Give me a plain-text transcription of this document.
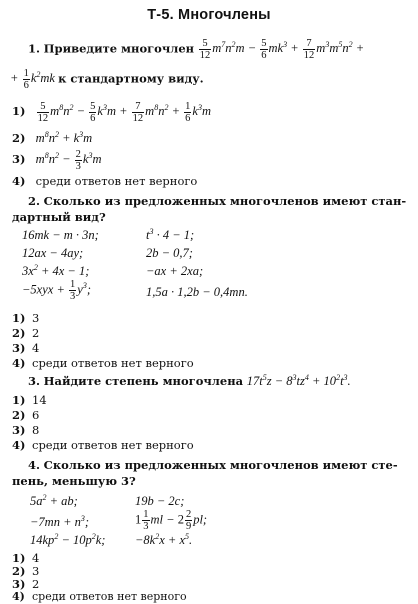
Т-5. Многочлены
1. Приведите многочлен $\frac{5}{12} m^7n^2m - \frac{5}{6} mk^3 + \frac{7}{12} m^3m^5n^2$ +
+ $\frac{1}{6} k^2mk$ к стандартному виду.
$1) \frac{5}{12} m^8n^2 - \frac{5}{6} k^3m + \frac{7}{12} m^8n^2 + \frac{1}{6} k^3m$
2) $m^8n^2 + k^3m$
3) $m^8n^2 - \frac{2}{3} k^3m$
4) среди ответов нет верного
2. Сколько из предложенных многочленов имеют стан-
дартный вид?
16mk − m · 3n;	$t^3 \cdot 4 - 1$;
12ax − 4ay;	2b − 0,7;
$3x^2 + 4x - 1$;	−ax + 2xa;
$-5xyx + \frac{1}{3} y^3$;	1,5a · 1,2b − 0,4mn.
1) 3
2) 2
3) 4
4) среди ответов нет верного
3. Найдите степень многочлена $17t^5z - 8^3tz^4 + 10^2t^3$.
1) 14
2) 6
3) 8
4) среди ответов нет верного
4. Сколько из предложенных многочленов имеют сте-
пень, меньшую 3?
$5a^2$ + ab;	19b − 2c;
$-7mn + n^3$;	$1 \frac{1}{3}$ ml − $2 \frac{2}{9}$ pl;
$14kp^2 - 10p^2k$; $-8k^2x + x^5$.
1) 4
2) 3
3) 2
4) среди ответов нет верного
